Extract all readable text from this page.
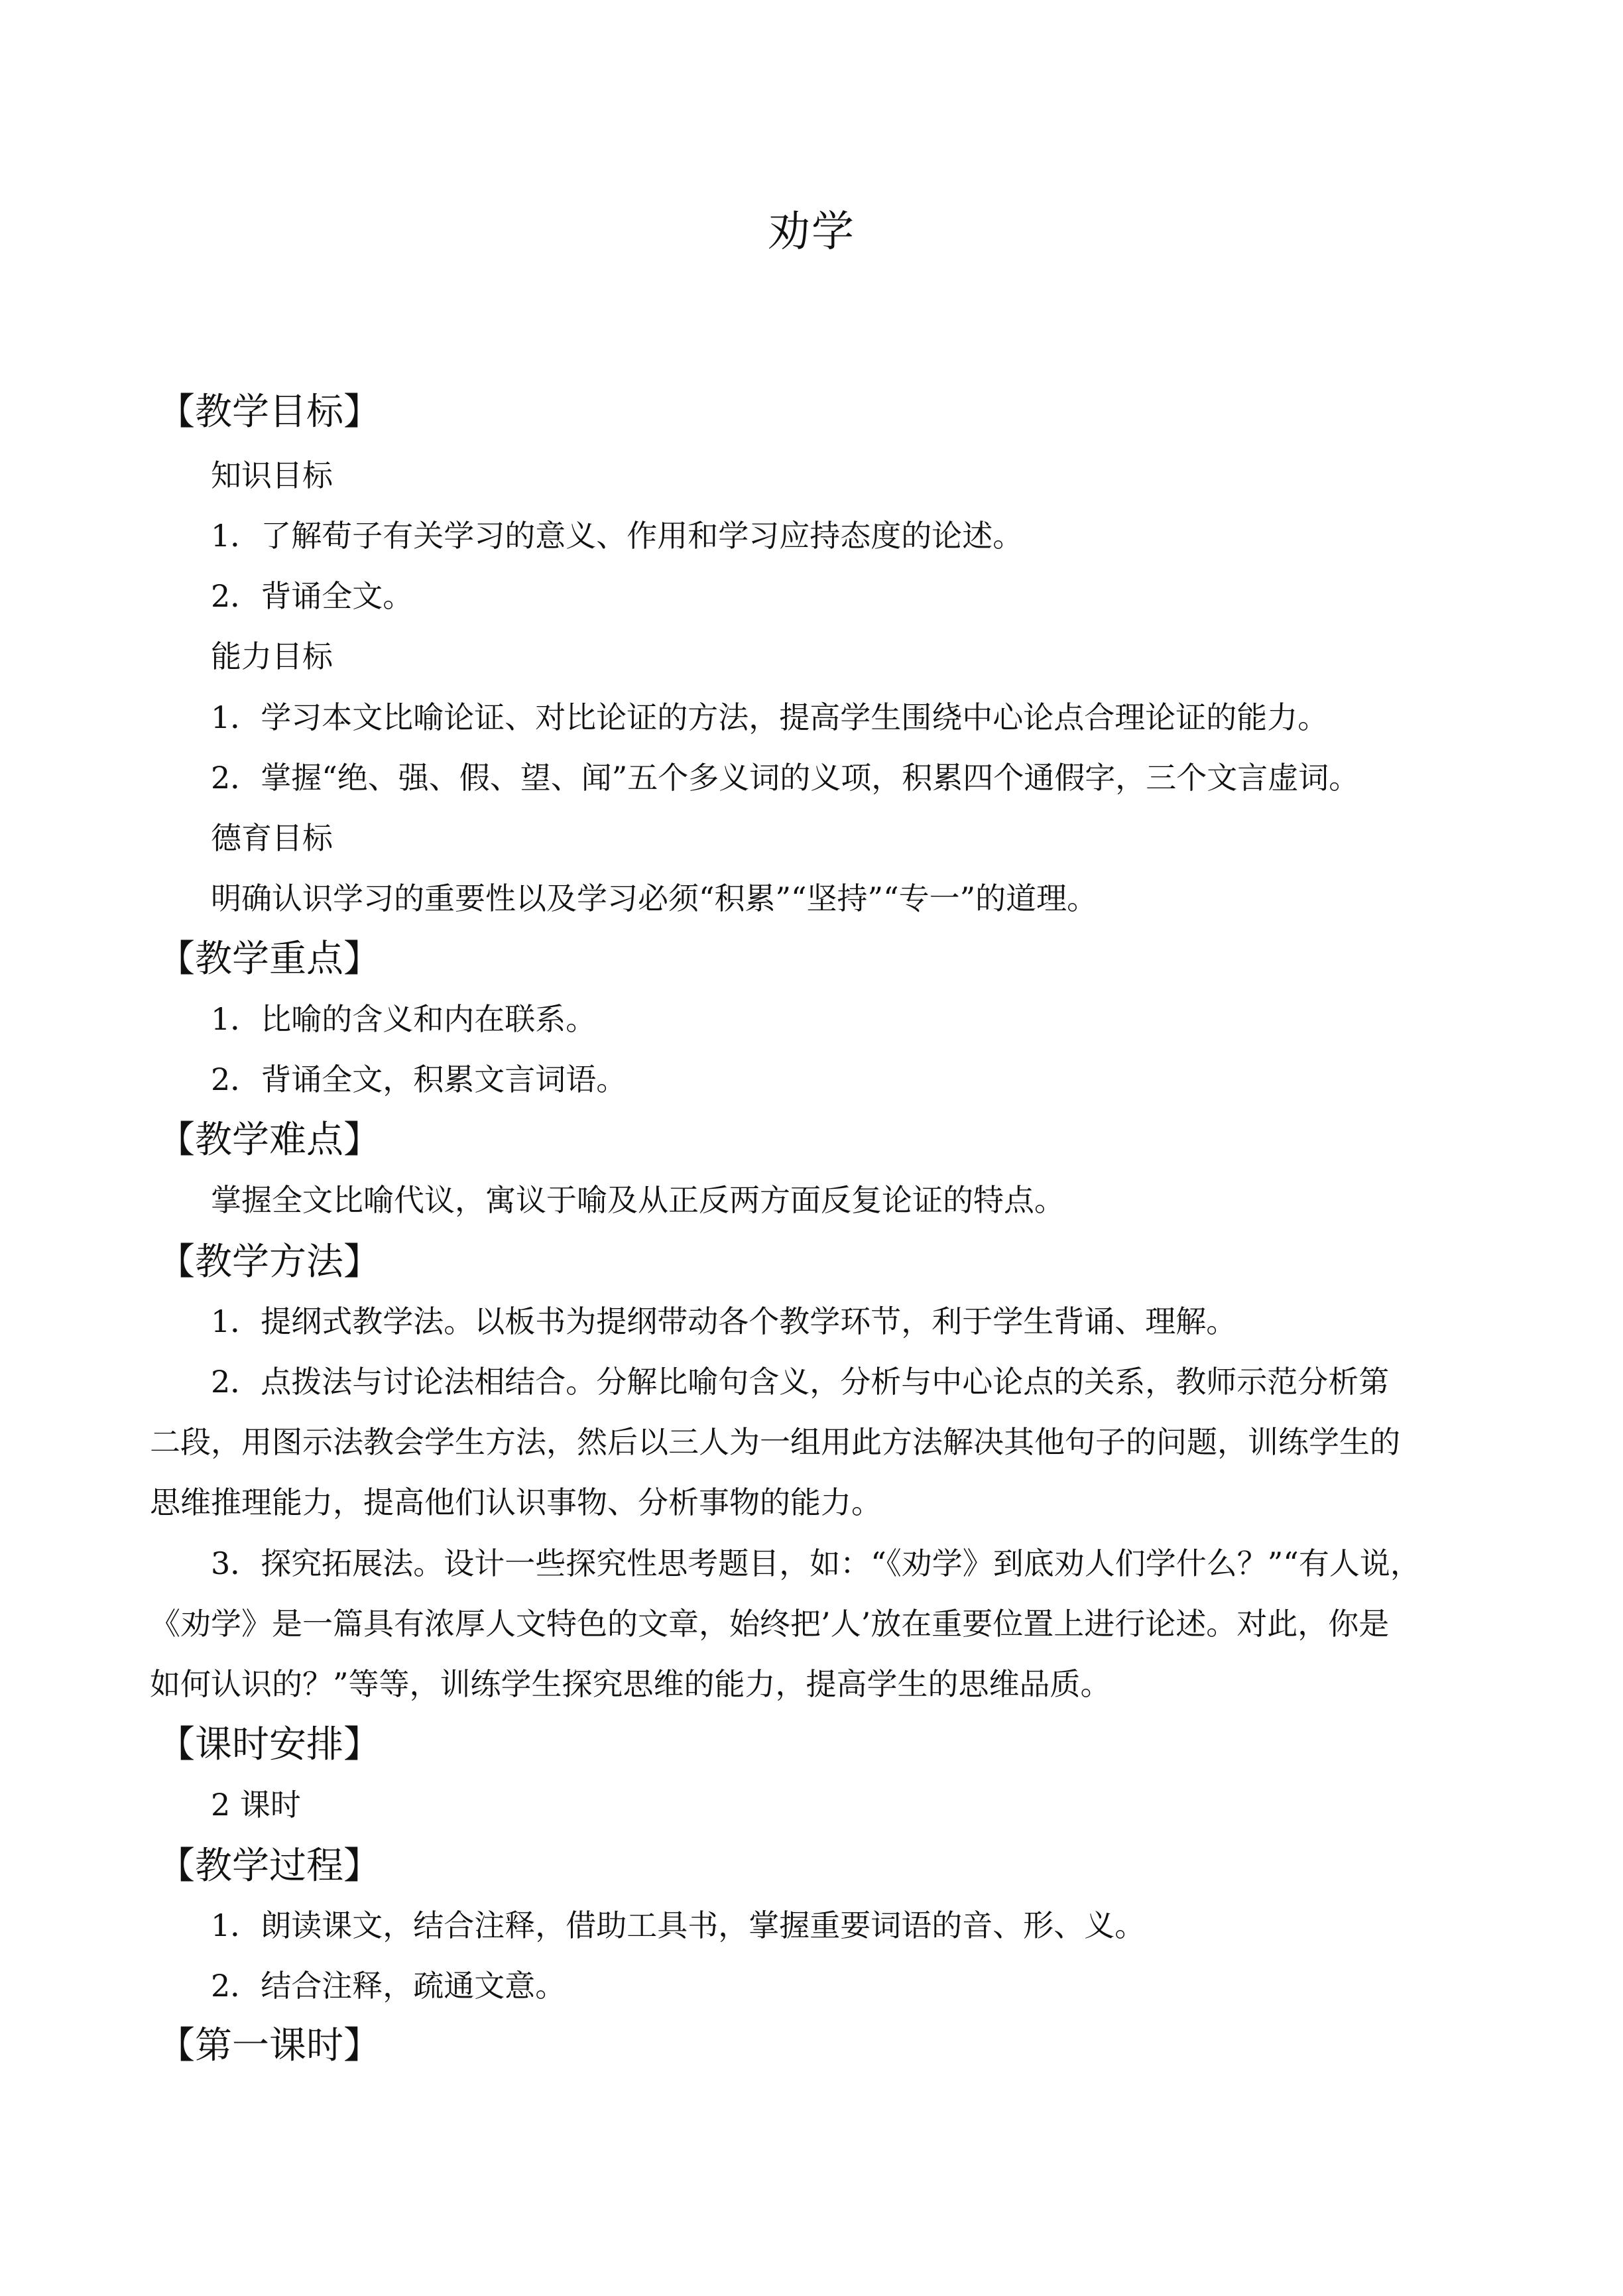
劝学
【教学目标】
知识目标
1．了解荀子有关学习的意义、作用和学习应持态度的论述。
2．背诵全文。
能力目标
1．学习本文比喻论证、对比论证的方法，提高学生围绕中心论点合理论证的能力。
2．掌握“绝、强、假、望、闻”五个多义词的义项，积累四个通假字，三个文言虚词。
德育目标
明确认识学习的重要性以及学习必须“积累”“坚持”“专一”的道理。
【教学重点】
1．比喻的含义和内在联系。
2．背诵全文，积累文言词语。
【教学难点】
掌握全文比喻代议，寓议于喻及从正反两方面反复论证的特点。
【教学方法】
1．提纲式教学法。以板书为提纲带动各个教学环节，利于学生背诵、理解。
2．点拨法与讨论法相结合。分解比喻句含义，分析与中心论点的关系，教师示范分析第
二段，用图示法教会学生方法，然后以三人为一组用此方法解决其他句子的问题，训练学生的
思维推理能力，提高他们认识事物、分析事物的能力。
3．探究拓展法。设计一些探究性思考题目，如：“《劝学》到底劝人们学什么？”“有人说，
《劝学》是一篇具有浓厚人文特色的文章，始终把’人’放在重要位置上进行论述。对此，你是
如何认识的？”等等，训练学生探究思维的能力，提高学生的思维品质。
【课时安排】
2 课时
【教学过程】
1．朗读课文，结合注释，借助工具书，掌握重要词语的音、形、义。
2．结合注释，疏通文意。
【第一课时】
